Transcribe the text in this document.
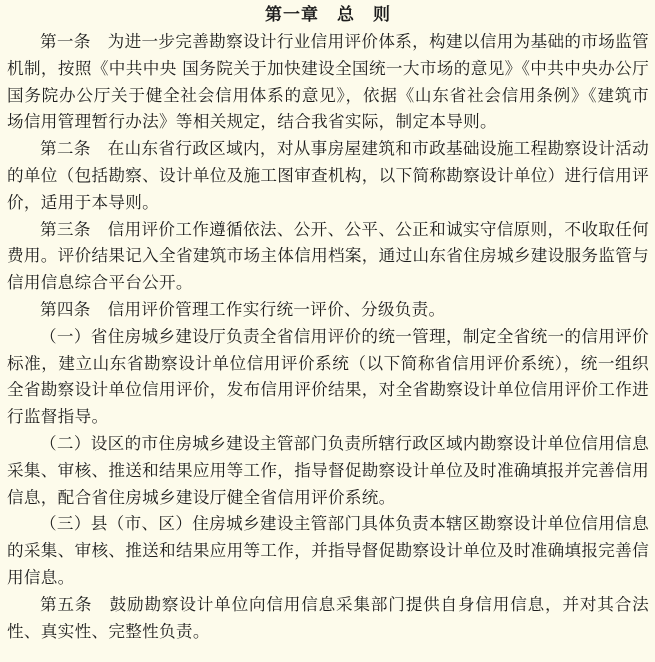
第一章　总　则

第一条　为进一步完善勘察设计行业信用评价体系，构建以信用为基础的市场监管机制，按照《中共中央 国务院关于加快建设全国统一大市场的意见》《中共中央办公厅 国务院办公厅关于健全社会信用体系的意见》，依据《山东省社会信用条例》《建筑市场信用管理暂行办法》等相关规定，结合我省实际，制定本导则。

第二条　在山东省行政区域内，对从事房屋建筑和市政基础设施工程勘察设计活动的单位（包括勘察、设计单位及施工图审查机构，以下简称勘察设计单位）进行信用评价，适用于本导则。

第三条　信用评价工作遵循依法、公开、公平、公正和诚实守信原则，不收取任何费用。评价结果记入全省建筑市场主体信用档案，通过山东省住房城乡建设服务监管与信用信息综合平台公开。

第四条　信用评价管理工作实行统一评价、分级负责。

（一）省住房城乡建设厅负责全省信用评价的统一管理，制定全省统一的信用评价标准，建立山东省勘察设计单位信用评价系统（以下简称省信用评价系统），统一组织全省勘察设计单位信用评价，发布信用评价结果，对全省勘察设计单位信用评价工作进行监督指导。

（二）设区的市住房城乡建设主管部门负责所辖行政区域内勘察设计单位信用信息采集、审核、推送和结果应用等工作，指导督促勘察设计单位及时准确填报并完善信用信息，配合省住房城乡建设厅健全省信用评价系统。

（三）县（市、区）住房城乡建设主管部门具体负责本辖区勘察设计单位信用信息的采集、审核、推送和结果应用等工作，并指导督促勘察设计单位及时准确填报完善信用信息。

第五条　鼓励勘察设计单位向信用信息采集部门提供自身信用信息，并对其合法性、真实性、完整性负责。
